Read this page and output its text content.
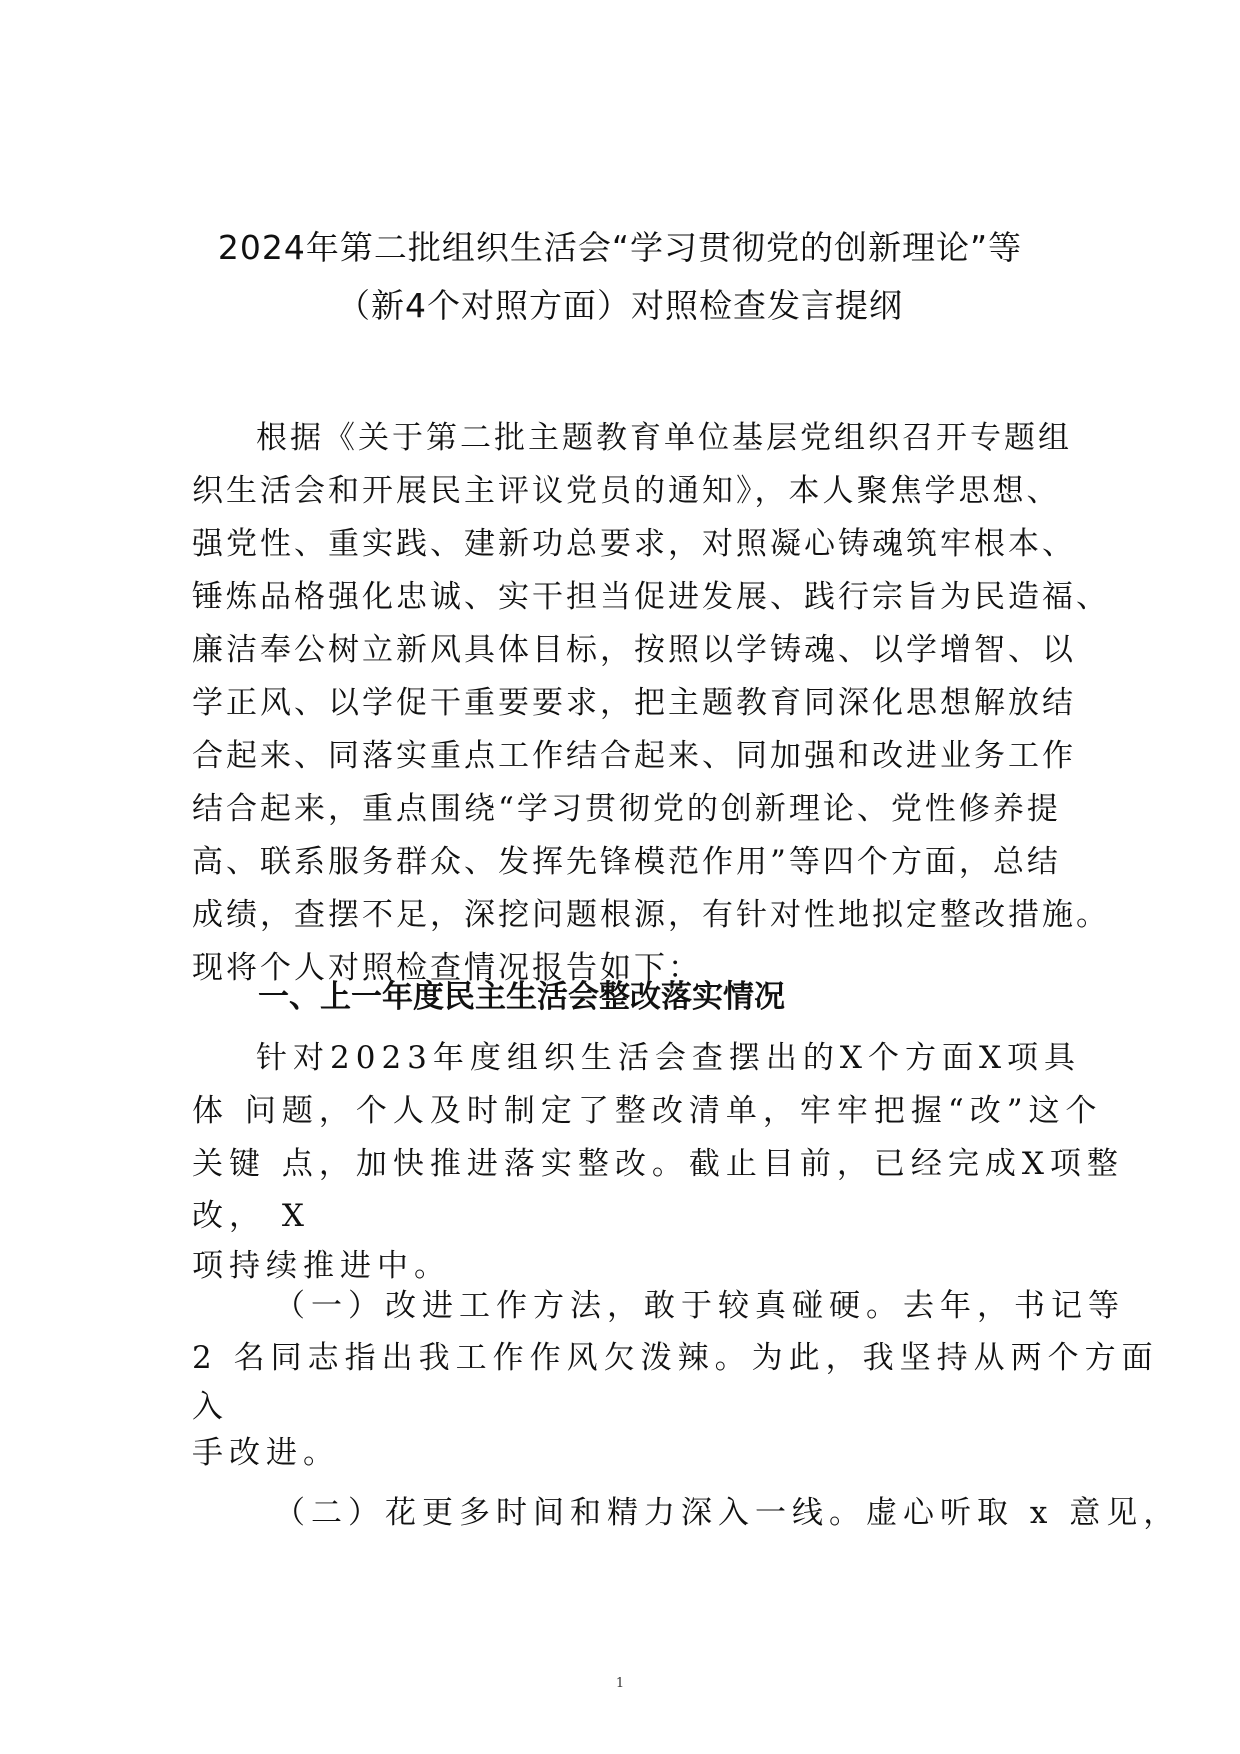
2024年第二批组织生活会“学习贯彻党的创新理论”等
（新4个对照方面）对照检查发言提纲
根据《关于第二批主题教育单位基层党组织召开专题组
织生活会和开展民主评议党员的通知》，本人聚焦学思想、
强党性、重实践、建新功总要求，对照凝心铸魂筑牢根本、
锤炼品格强化忠诚、实干担当促进发展、践行宗旨为民造福、
廉洁奉公树立新风具体目标，按照以学铸魂、以学增智、以
学正风、以学促干重要要求，把主题教育同深化思想解放结
合起来、同落实重点工作结合起来、同加强和改进业务工作
结合起来，重点围绕“学习贯彻党的创新理论、党性修养提
高、联系服务群众、发挥先锋模范作用”等四个方面，总结
成绩，查摆不足，深挖问题根源，有针对性地拟定整改措施。
现将个人对照检查情况报告如下：
一、上一年度民主生活会整改落实情况
针对2023年度组织生活会查摆出的X个方面X项具
体 问题，个人及时制定了整改清单，牢牢把握“改”这个
关键 点，加快推进落实整改。截止目前，已经完成X项整
改， X
项持续推进中。
（一）改进工作方法，敢于较真碰硬。去年，书记等
2 名同志指出我工作作风欠泼辣。为此，我坚持从两个方面
入
手改进。
（二）花更多时间和精力深入一线。虚心听取 x 意见，
1
